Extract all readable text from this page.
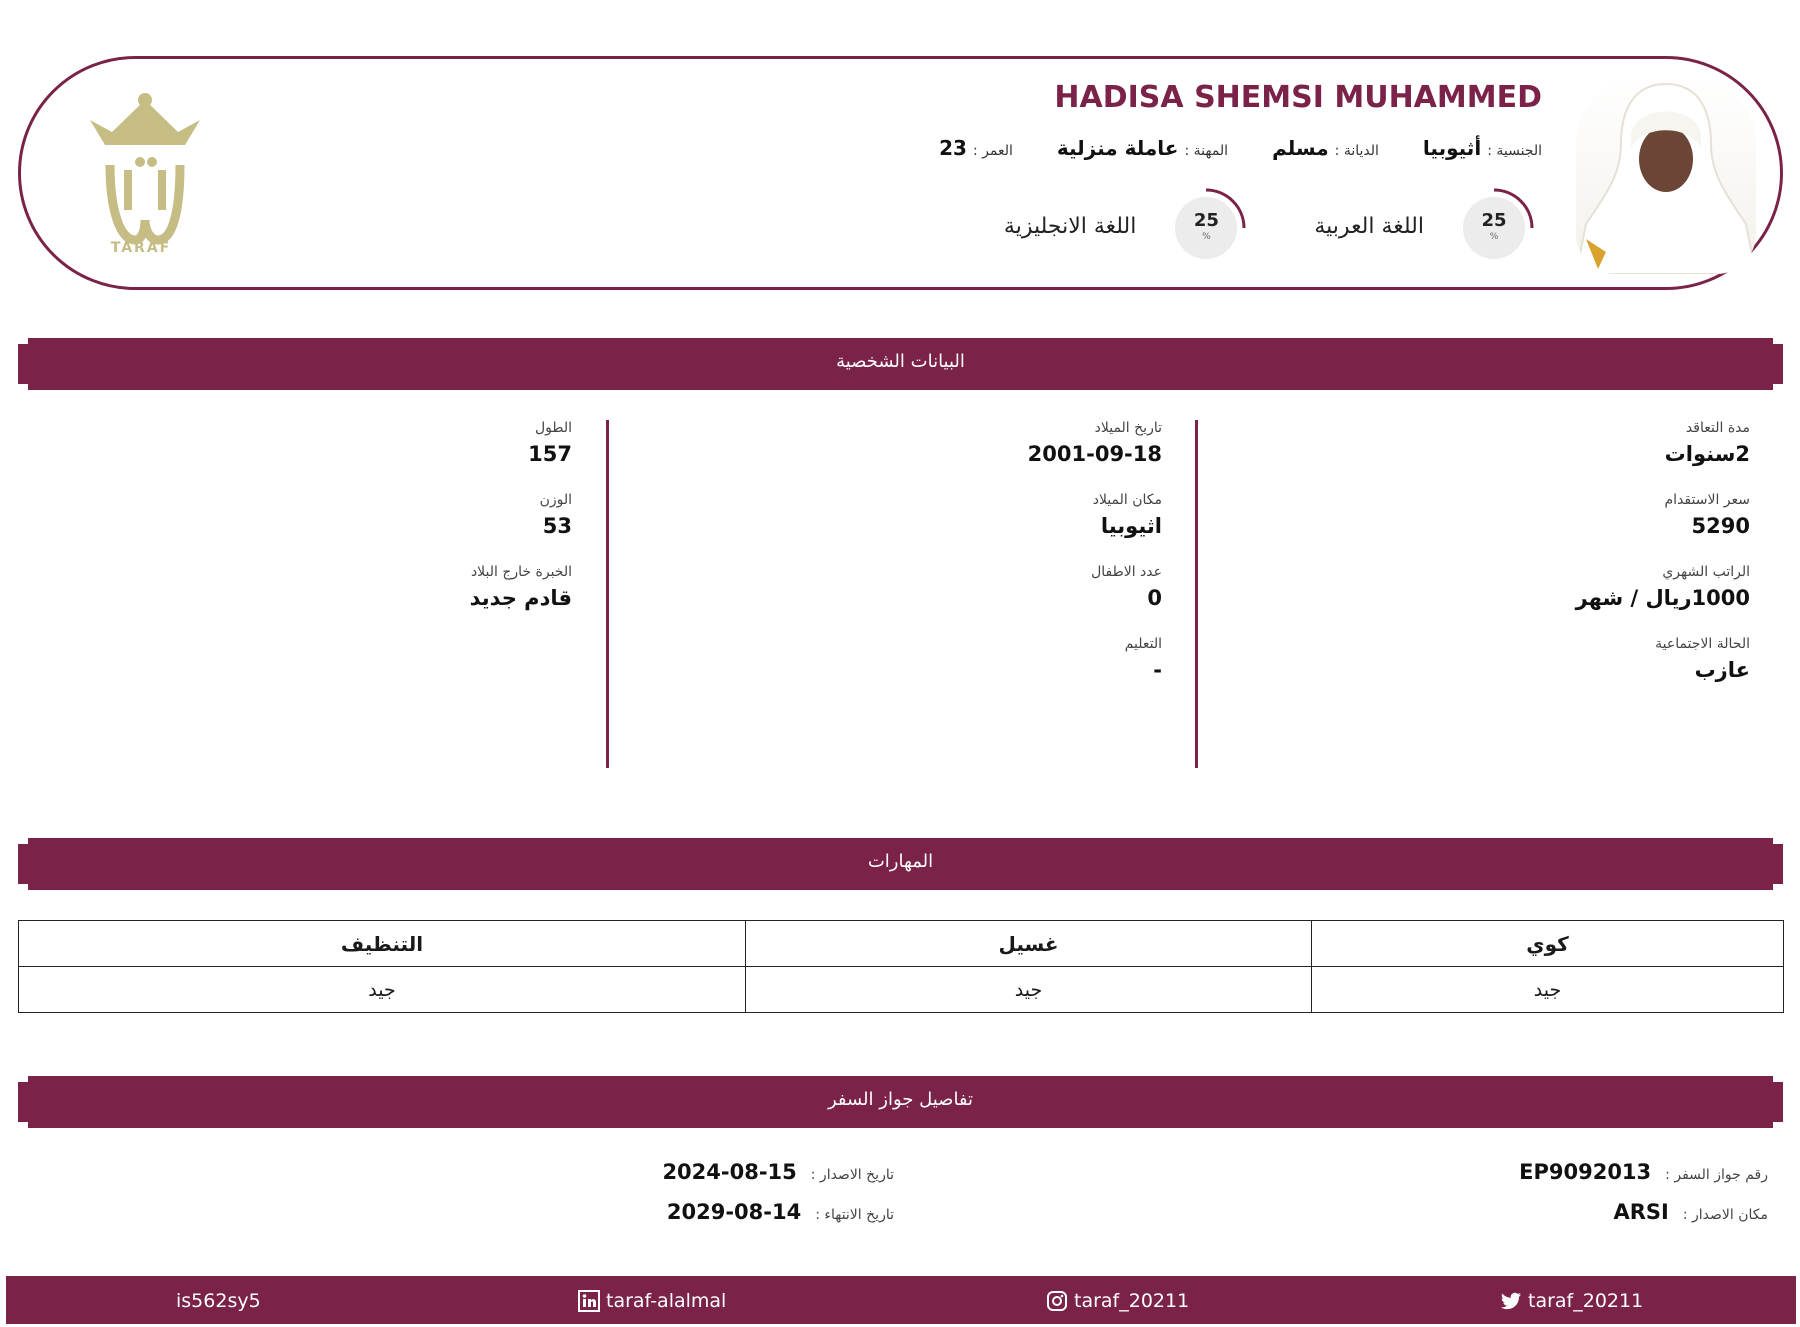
TARAF
HADISA SHEMSI MUHAMMED
الجنسية :
أثيوبيا
الديانة :
مسلم
المهنة :
عاملة منزلية
العمر :
23
25
%
اللغة العربية
25
%
اللغة الانجليزية
البيانات الشخصية
مدة التعاقد
2سنوات
سعر الاستقدام
5290
الراتب الشهري
1000ريال / شهر
الحالة الاجتماعية
عازب
تاريخ الميلاد
2001-09-18
مكان الميلاد
اثيوبيا
عدد الاطفال
0
التعليم
-
الطول
157
الوزن
53
الخبرة خارج البلاد
قادم جديد
المهارات
كوي	غسيل	التنظيف
جيد	جيد	جيد
تفاصيل جواز السفر
رقم جواز السفر :
EP9092013
مكان الاصدار :
ARSI
تاريخ الاصدار :
2024-08-15
تاريخ الانتهاء :
2029-08-14
is562sy5	taraf-alalmal	taraf_20211	taraf_20211
